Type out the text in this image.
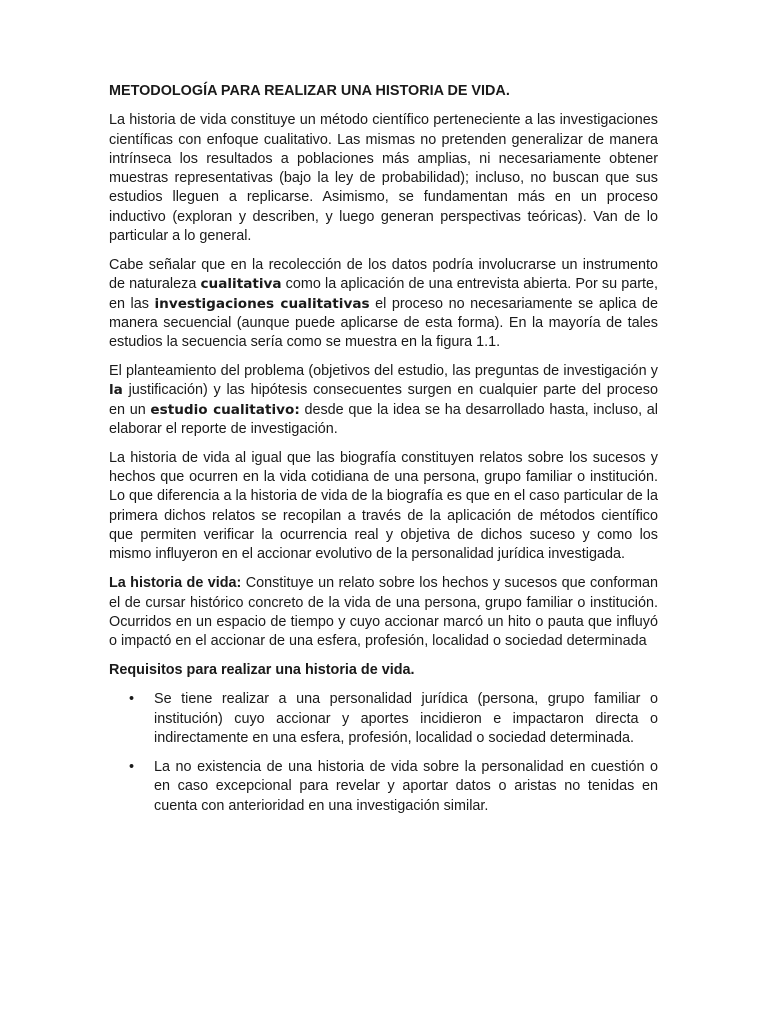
METODOLOGÍA PARA REALIZAR UNA HISTORIA DE VIDA.

La historia de vida constituye un método científico perteneciente a las investigaciones científicas con enfoque cualitativo. Las mismas no pretenden generalizar de manera intrínseca los resultados a poblaciones más amplias, ni necesariamente obtener muestras representativas (bajo la ley de probabilidad); incluso, no buscan que sus estudios lleguen a replicarse. Asimismo, se fundamentan más en un proceso inductivo (exploran y describen, y luego generan perspectivas teóricas). Van de lo particular a lo general.

Cabe señalar que en la recolección de los datos podría involucrarse un instrumento de naturaleza cualitativa como la aplicación de una entrevista abierta. Por su parte, en las investigaciones cualitativas el proceso no necesariamente se aplica de manera secuencial (aunque puede aplicarse de esta forma). En la mayoría de tales estudios la secuencia sería como se muestra en la figura 1.1.

El planteamiento del problema (objetivos del estudio, las preguntas de investigación y la justificación) y las hipótesis consecuentes surgen en cualquier parte del proceso en un estudio cualitativo: desde que la idea se ha desarrollado hasta, incluso, al elaborar el reporte de investigación.

La historia de vida al igual que las biografía constituyen relatos sobre los sucesos y hechos que ocurren en la vida cotidiana de una persona, grupo familiar o institución. Lo que diferencia a la historia de vida de la biografía es que en el caso particular de la primera dichos relatos se recopilan a través de la aplicación de métodos científico que permiten verificar la ocurrencia real y objetiva de dichos suceso y como los mismo influyeron en el accionar evolutivo de la personalidad jurídica investigada.

La historia de vida: Constituye un relato sobre los hechos y sucesos que conforman el de cursar histórico concreto de la vida de una persona, grupo familiar o institución. Ocurridos en un espacio de tiempo y cuyo accionar marcó un hito o pauta que influyó o impactó en el accionar de una esfera, profesión, localidad o sociedad determinada

Requisitos para realizar una historia de vida.
• Se tiene realizar a una personalidad jurídica (persona, grupo familiar o institución) cuyo accionar y aportes incidieron e impactaron directa o indirectamente en una esfera, profesión, localidad o sociedad determinada.
• La no existencia de una historia de vida sobre la personalidad en cuestión o en caso excepcional para revelar y aportar datos o aristas no tenidas en cuenta con anterioridad en una investigación similar.
